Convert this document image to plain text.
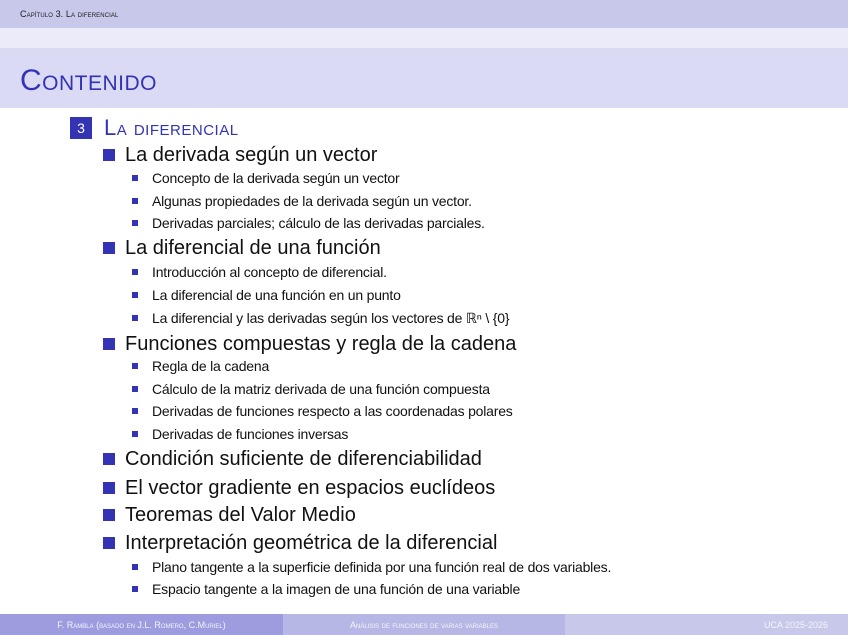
Capítulo 3. La diferencial
Contenido
3 La diferencial
La derivada según un vector
Concepto de la derivada según un vector
Algunas propiedades de la derivada según un vector.
Derivadas parciales; cálculo de las derivadas parciales.
La diferencial de una función
Introducción al concepto de diferencial.
La diferencial de una función en un punto
La diferencial y las derivadas según los vectores de ℝⁿ \ {0}
Funciones compuestas y regla de la cadena
Regla de la cadena
Cálculo de la matriz derivada de una función compuesta
Derivadas de funciones respecto a las coordenadas polares
Derivadas de funciones inversas
Condición suficiente de diferenciabilidad
El vector gradiente en espacios euclídeos
Teoremas del Valor Medio
Interpretación geométrica de la diferencial
Plano tangente a la superficie definida por una función real de dos variables.
Espacio tangente a la imagen de una función de una variable
F. Rambla (basado en J.L. Romero, C.Muriel)	Análisis de funciones de varias variables	UCA 2025-2026
